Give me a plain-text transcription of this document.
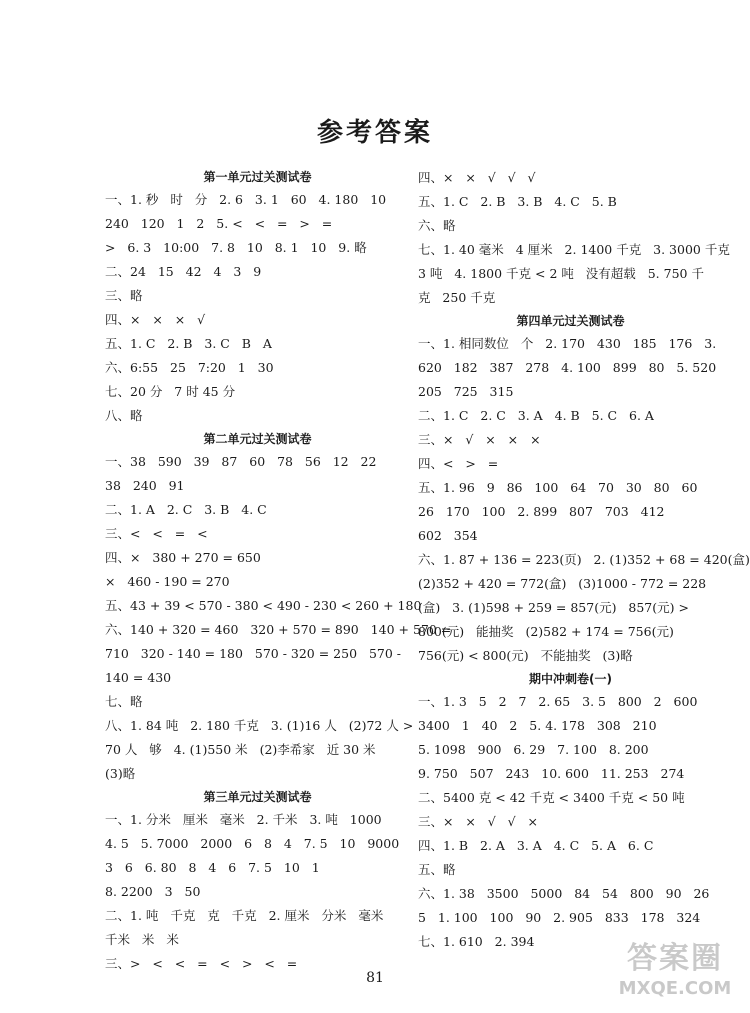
参考答案
第一单元过关测试卷
一、1. 秒   时   分   2. 6   3. 1   60   4. 180   10
240   120   1   2   5. <   <   =   >   =
>   6. 3   10:00   7. 8   10   8. 1   10   9. 略
二、24   15   42   4   3   9
三、略
四、×   ×   ×   √
五、1. C   2. B   3. C   B   A
六、6:55   25   7:20   1   30
七、20 分   7 时 45 分
八、略
第二单元过关测试卷
一、38   590   39   87   60   78   56   12   22
38   240   91
二、1. A   2. C   3. B   4. C
三、<   <   =   <
四、×   380 + 270 = 650
×   460 - 190 = 270
五、43 + 39 < 570 - 380 < 490 - 230 < 260 + 180
六、140 + 320 = 460   320 + 570 = 890   140 + 570 =
710   320 - 140 = 180   570 - 320 = 250   570 -
140 = 430
七、略
八、1. 84 吨   2. 180 千克   3. (1)16 人   (2)72 人 >
70 人   够   4. (1)550 米   (2)李希家   近 30 米
(3)略
第三单元过关测试卷
一、1. 分米   厘米   毫米   2. 千米   3. 吨   1000
4. 5   5. 7000   2000   6   8   4   7. 5   10   9000
3   6   6. 80   8   4   6   7. 5   10   1
8. 2200   3   50
二、1. 吨   千克   克   千克   2. 厘米   分米   毫米
千米   米   米
三、>   <   <   =   <   >   <   =
四、×   ×   √   √   √
五、1. C   2. B   3. B   4. C   5. B
六、略
七、1. 40 毫米   4 厘米   2. 1400 千克   3. 3000 千克
3 吨   4. 1800 千克 < 2 吨   没有超载   5. 750 千
克   250 千克
第四单元过关测试卷
一、1. 相同数位   个   2. 170   430   185   176   3.
620   182   387   278   4. 100   899   80   5. 520
205   725   315
二、1. C   2. C   3. A   4. B   5. C   6. A
三、×   √   ×   ×   ×
四、<   >   =
五、1. 96   9   86   100   64   70   30   80   60
26   170   100   2. 899   807   703   412
602   354
六、1. 87 + 136 = 223(页)   2. (1)352 + 68 = 420(盒)
(2)352 + 420 = 772(盒)   (3)1000 - 772 = 228
(盒)   3. (1)598 + 259 = 857(元)   857(元) >
800(元)   能抽奖   (2)582 + 174 = 756(元)
756(元) < 800(元)   不能抽奖   (3)略
期中冲刺卷(一)
一、1. 3   5   2   7   2. 65   3. 5   800   2   600
3400   1   40   2   5. 4. 178   308   210
5. 1098   900   6. 29   7. 100   8. 200
9. 750   507   243   10. 600   11. 253   274
二、5400 克 < 42 千克 < 3400 千克 < 50 吨
三、×   ×   √   √   ×
四、1. B   2. A   3. A   4. C   5. A   6. C
五、略
六、1. 38   3500   5000   84   54   800   90   26
5   1. 100   100   90   2. 905   833   178   324
七、1. 610   2. 394
81
答案圈
MXQE.COM
